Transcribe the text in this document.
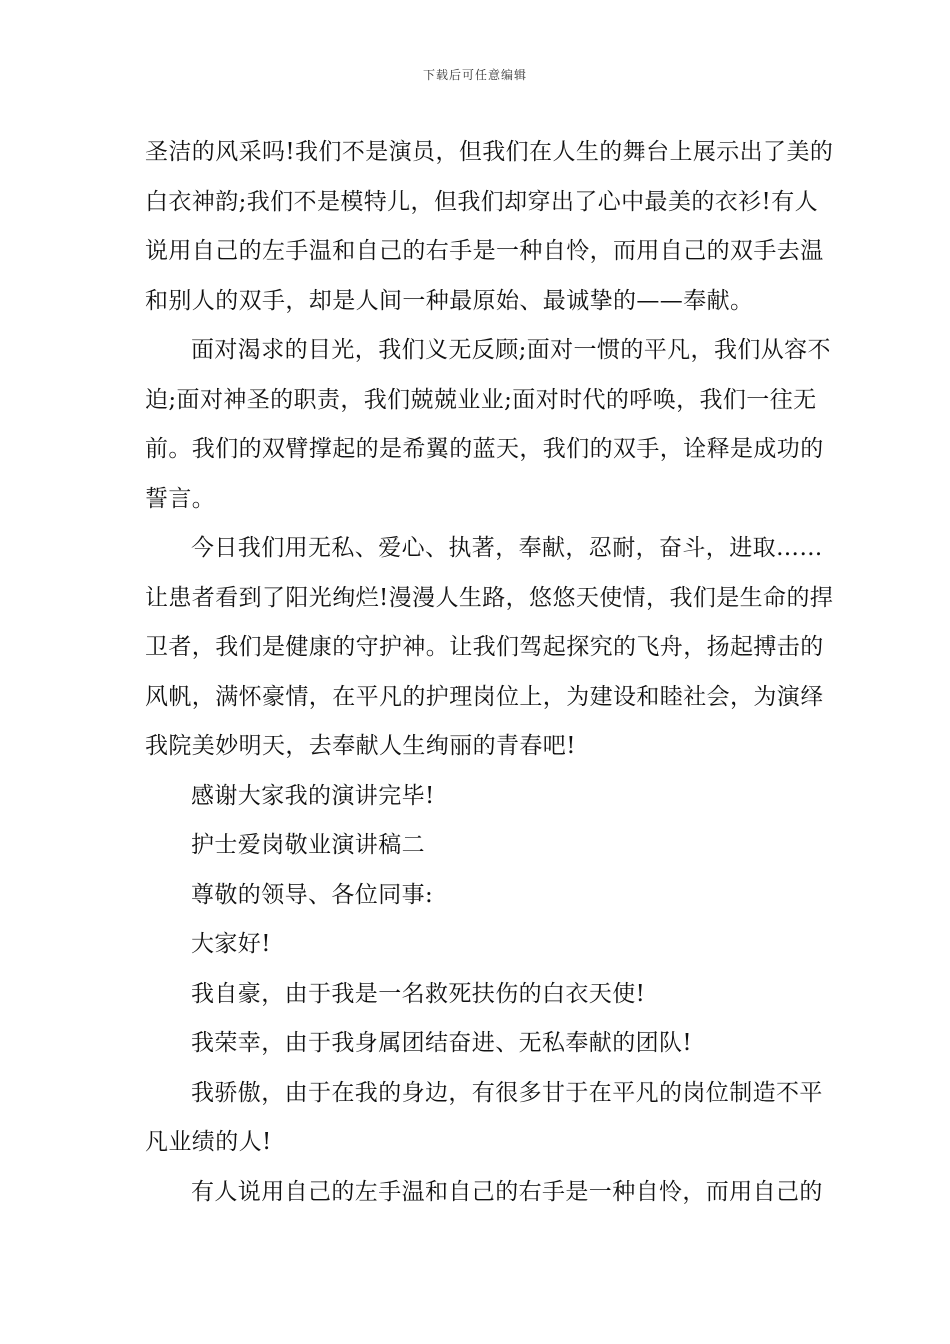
下载后可任意编辑

圣洁的风采吗!我们不是演员，但我们在人生的舞台上展示出了美的
白衣神韵;我们不是模特儿，但我们却穿出了心中最美的衣衫!有人
说用自己的左手温和自己的右手是一种自怜，而用自己的双手去温
和别人的双手，却是人间一种最原始、最诚挚的——奉献。

面对渴求的目光，我们义无反顾;面对一惯的平凡，我们从容不
迫;面对神圣的职责，我们兢兢业业;面对时代的呼唤，我们一往无
前。我们的双臂撑起的是希翼的蓝天，我们的双手，诠释是成功的
誓言。

今日我们用无私、爱心、执著，奉献，忍耐，奋斗，进取……
让患者看到了阳光绚烂!漫漫人生路，悠悠天使情，我们是生命的捍
卫者，我们是健康的守护神。让我们驾起探究的飞舟，扬起搏击的
风帆，满怀豪情，在平凡的护理岗位上，为建设和睦社会，为演绎
我院美妙明天，去奉献人生绚丽的青春吧!

感谢大家我的演讲完毕!

护士爱岗敬业演讲稿二

尊敬的领导、各位同事:

大家好!

我自豪，由于我是一名救死扶伤的白衣天使!

我荣幸，由于我身属团结奋进、无私奉献的团队!

我骄傲，由于在我的身边，有很多甘于在平凡的岗位制造不平
凡业绩的人!

有人说用自己的左手温和自己的右手是一种自怜，而用自己的
